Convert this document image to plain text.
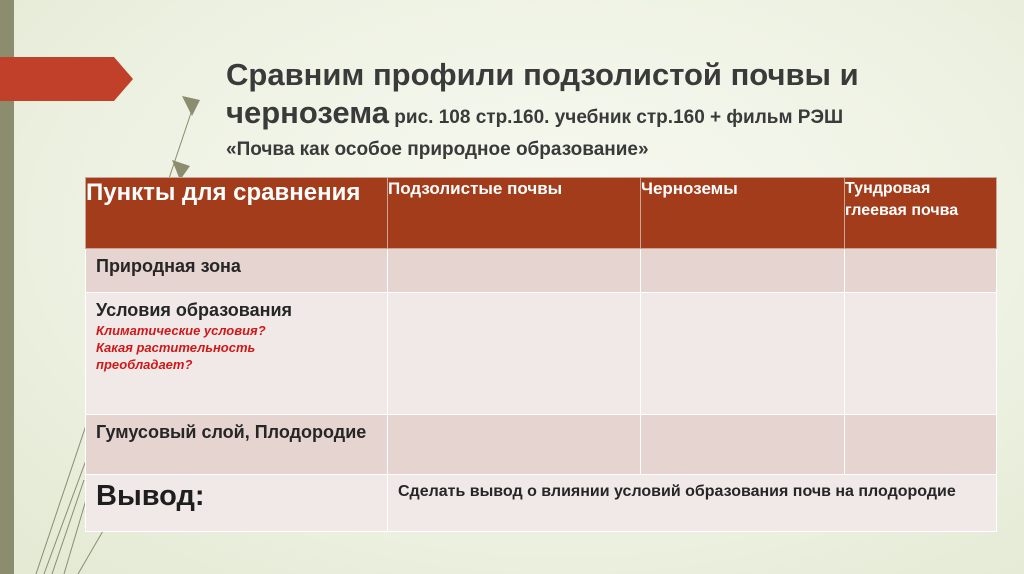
Сравним профили подзолистой почвы и
чернозема рис. 108 стр.160. учебник стр.160 + фильм РЭШ
«Почва как особое природное образование»
Пункты для сравнения	Подзолистые почвы	Черноземы	Тундровая глеевая почва

Природная зона			

Условия образования
Климатические условия?
Какая растительность
преобладает?			

Гумусовый слой, Плодородие			

Вывод:	Сделать вывод о влиянии условий образования почв на плодородие		
